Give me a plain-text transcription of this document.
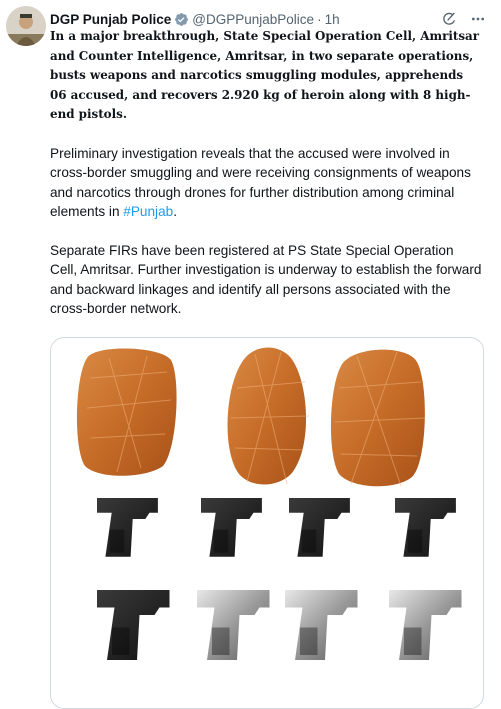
DGP Punjab Police @DGPPunjabPolice · 1h

In a major breakthrough, State Special Operation Cell, Amritsar and Counter Intelligence, Amritsar, in two separate operations, busts weapons and narcotics smuggling modules, apprehends 06 accused, and recovers 2.920 kg of heroin along with 8 high-end pistols.

Preliminary investigation reveals that the accused were involved in cross-border smuggling and were receiving consignments of weapons and narcotics through drones for further distribution among criminal elements in #Punjab.

Separate FIRs have been registered at PS State Special Operation Cell, Amritsar. Further investigation is underway to establish the forward and backward linkages and identify all persons associated with the cross-border network.
